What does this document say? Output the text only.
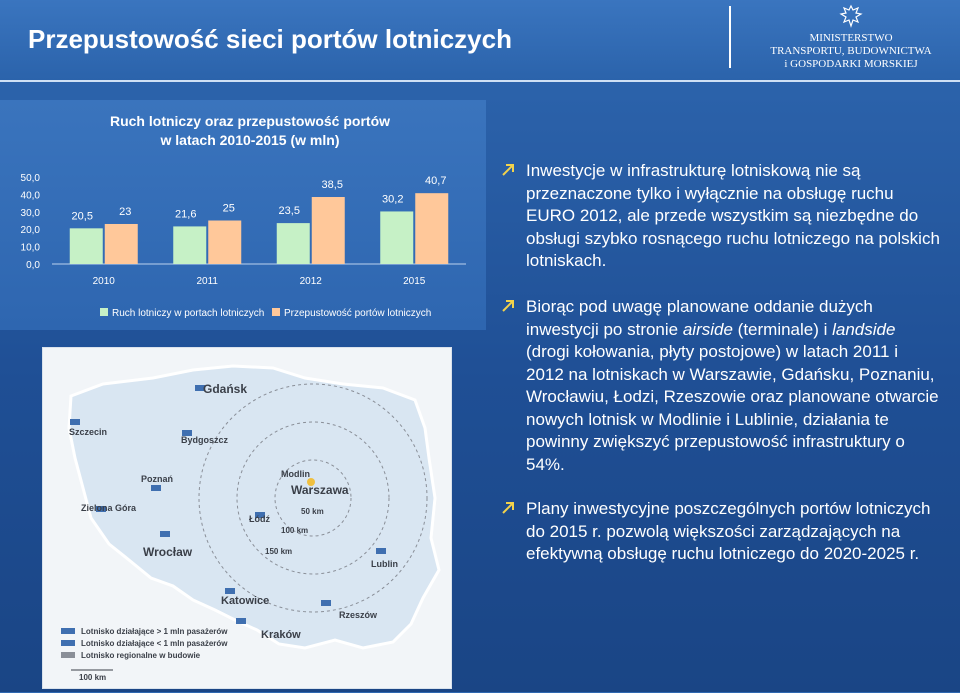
Przepustowość sieci portów lotniczych	MINISTERSTWO
TRANSPORTU, BUDOWNICTWA
i GOSPODARKI MORSKIEJ
Ruch lotniczy oraz przepustowość portów
w latach 2010-2015 (w mln)
0,0
10,0
20,0
30,0
40,0
50,0
20,5 23
2010
21,6 25
2011
23,5
38,5
2012
30,2
40,7
2015
Ruch lotniczy w portach lotniczych Przepustowość portów lotniczych
Gdańsk
Szczecin
Bydgoszcz
Poznań	Modlin
Warszawa
Zielona Góra
Łódź
Wrocław
Lublin
Katowice
Rzeszów
Kraków
50 km
100 km
150 km
Lotnisko działające > 1 mln pasażerów
Lotnisko działające < 1 mln pasażerów
Lotnisko regionalne w budowie
100 km
Inwestycje w infrastrukturę lotniskową nie są przeznaczone tylko i wyłącznie na obsługę ruchu EURO 2012, ale przede wszystkim są niezbędne do obsługi szybko rosnącego ruchu lotniczego na polskich lotniskach.
Biorąc pod uwagę planowane oddanie dużych inwestycji po stronie airside (terminale) i landside (drogi kołowania, płyty postojowe) w latach 2011 i 2012 na lotniskach w Warszawie, Gdańsku, Poznaniu, Wrocławiu, Łodzi, Rzeszowie oraz planowane otwarcie nowych lotnisk w Modlinie i Lublinie, działania te powinny zwiększyć przepustowość infrastruktury o 54%.
Plany inwestycyjne poszczególnych portów lotniczych do 2015 r. pozwolą większości zarządzających na efektywną obsługę ruchu lotniczego do 2020-2025 r.
